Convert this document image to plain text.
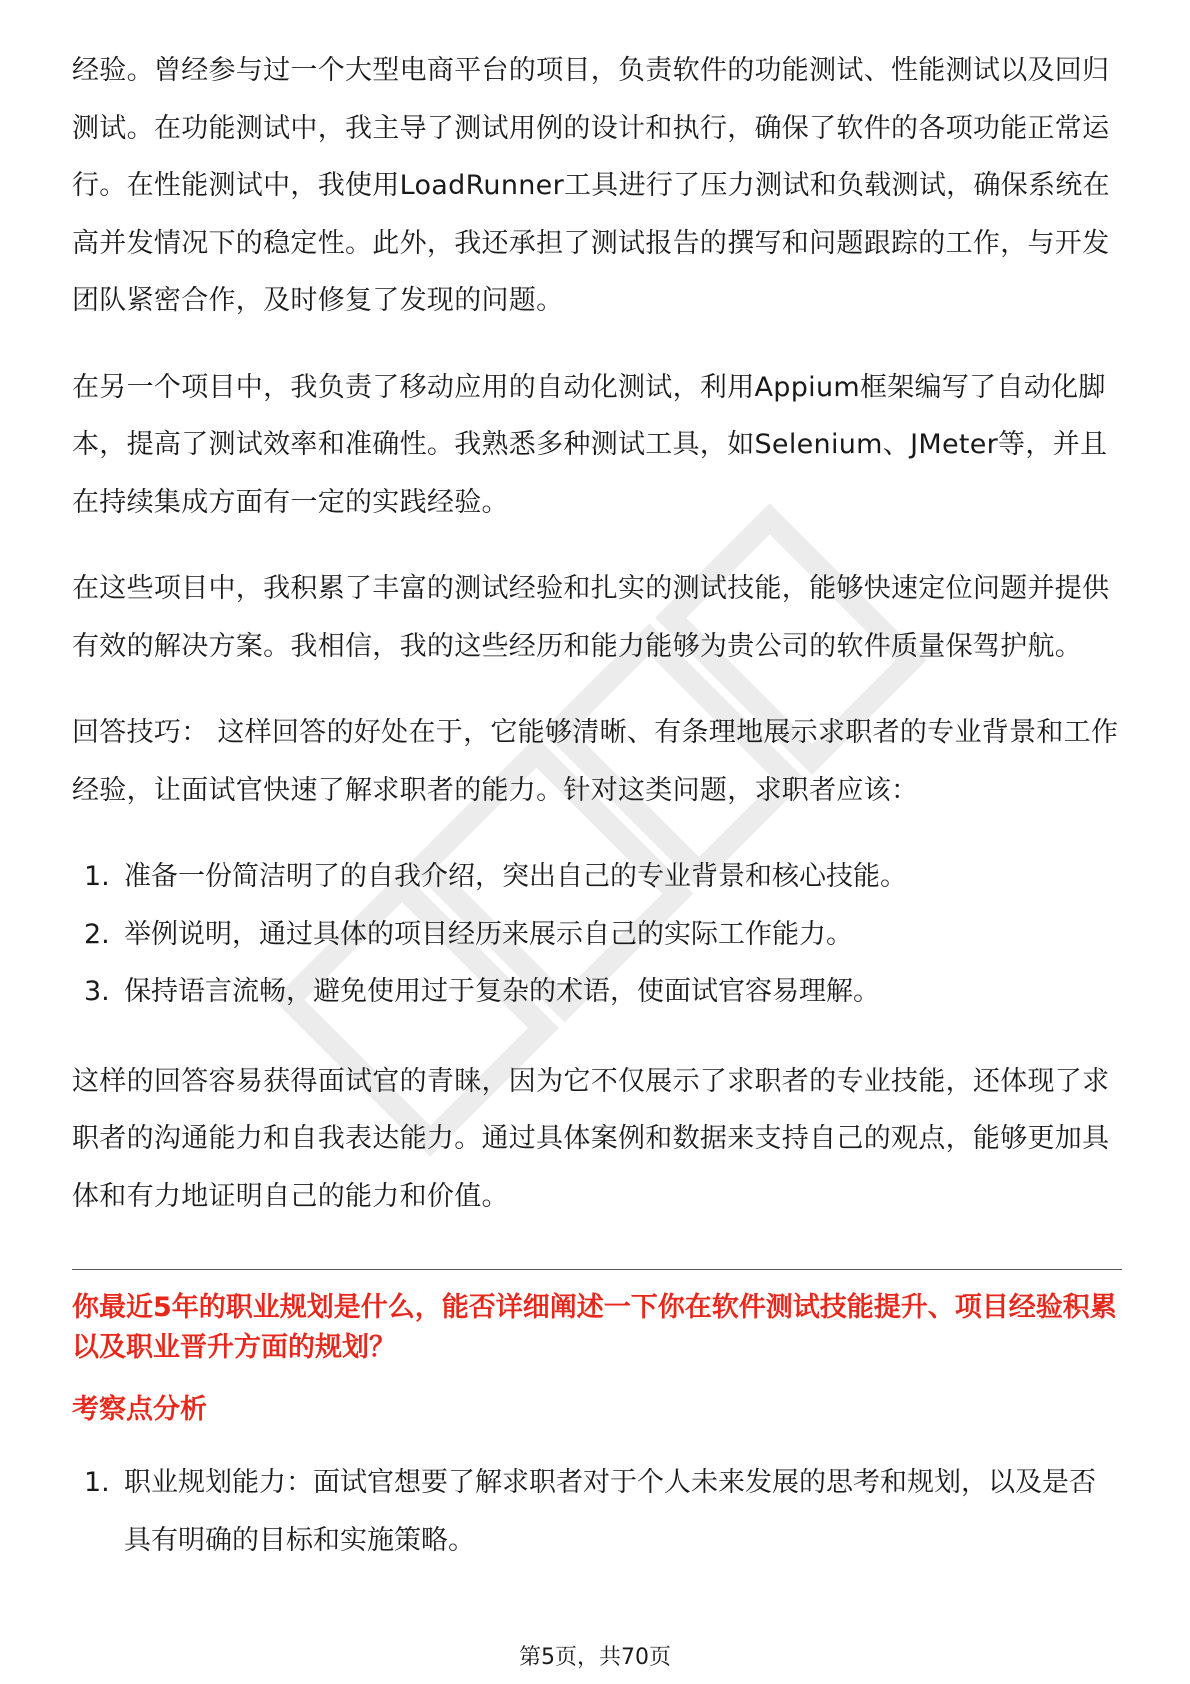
经验。曾经参与过一个大型电商平台的项目，负责软件的功能测试、性能测试以及回归测试。在功能测试中，我主导了测试用例的设计和执行，确保了软件的各项功能正常运行。在性能测试中，我使用LoadRunner工具进行了压力测试和负载测试，确保系统在高并发情况下的稳定性。此外，我还承担了测试报告的撰写和问题跟踪的工作，与开发团队紧密合作，及时修复了发现的问题。

在另一个项目中，我负责了移动应用的自动化测试，利用Appium框架编写了自动化脚本，提高了测试效率和准确性。我熟悉多种测试工具，如Selenium、JMeter等，并且在持续集成方面有一定的实践经验。

在这些项目中，我积累了丰富的测试经验和扎实的测试技能，能够快速定位问题并提供有效的解决方案。我相信，我的这些经历和能力能够为贵公司的软件质量保驾护航。

回答技巧： 这样回答的好处在于，它能够清晰、有条理地展示求职者的专业背景和工作经验，让面试官快速了解求职者的能力。针对这类问题，求职者应该：

1. 准备一份简洁明了的自我介绍，突出自己的专业背景和核心技能。
2. 举例说明，通过具体的项目经历来展示自己的实际工作能力。
3. 保持语言流畅，避免使用过于复杂的术语，使面试官容易理解。

这样的回答容易获得面试官的青睐，因为它不仅展示了求职者的专业技能，还体现了求职者的沟通能力和自我表达能力。通过具体案例和数据来支持自己的观点，能够更加具体和有力地证明自己的能力和价值。

你最近5年的职业规划是什么，能否详细阐述一下你在软件测试技能提升、项目经验积累以及职业晋升方面的规划？
考察点分析
1. 职业规划能力：面试官想要了解求职者对于个人未来发展的思考和规划，以及是否具有明确的目标和实施策略。
第5页，共70页
